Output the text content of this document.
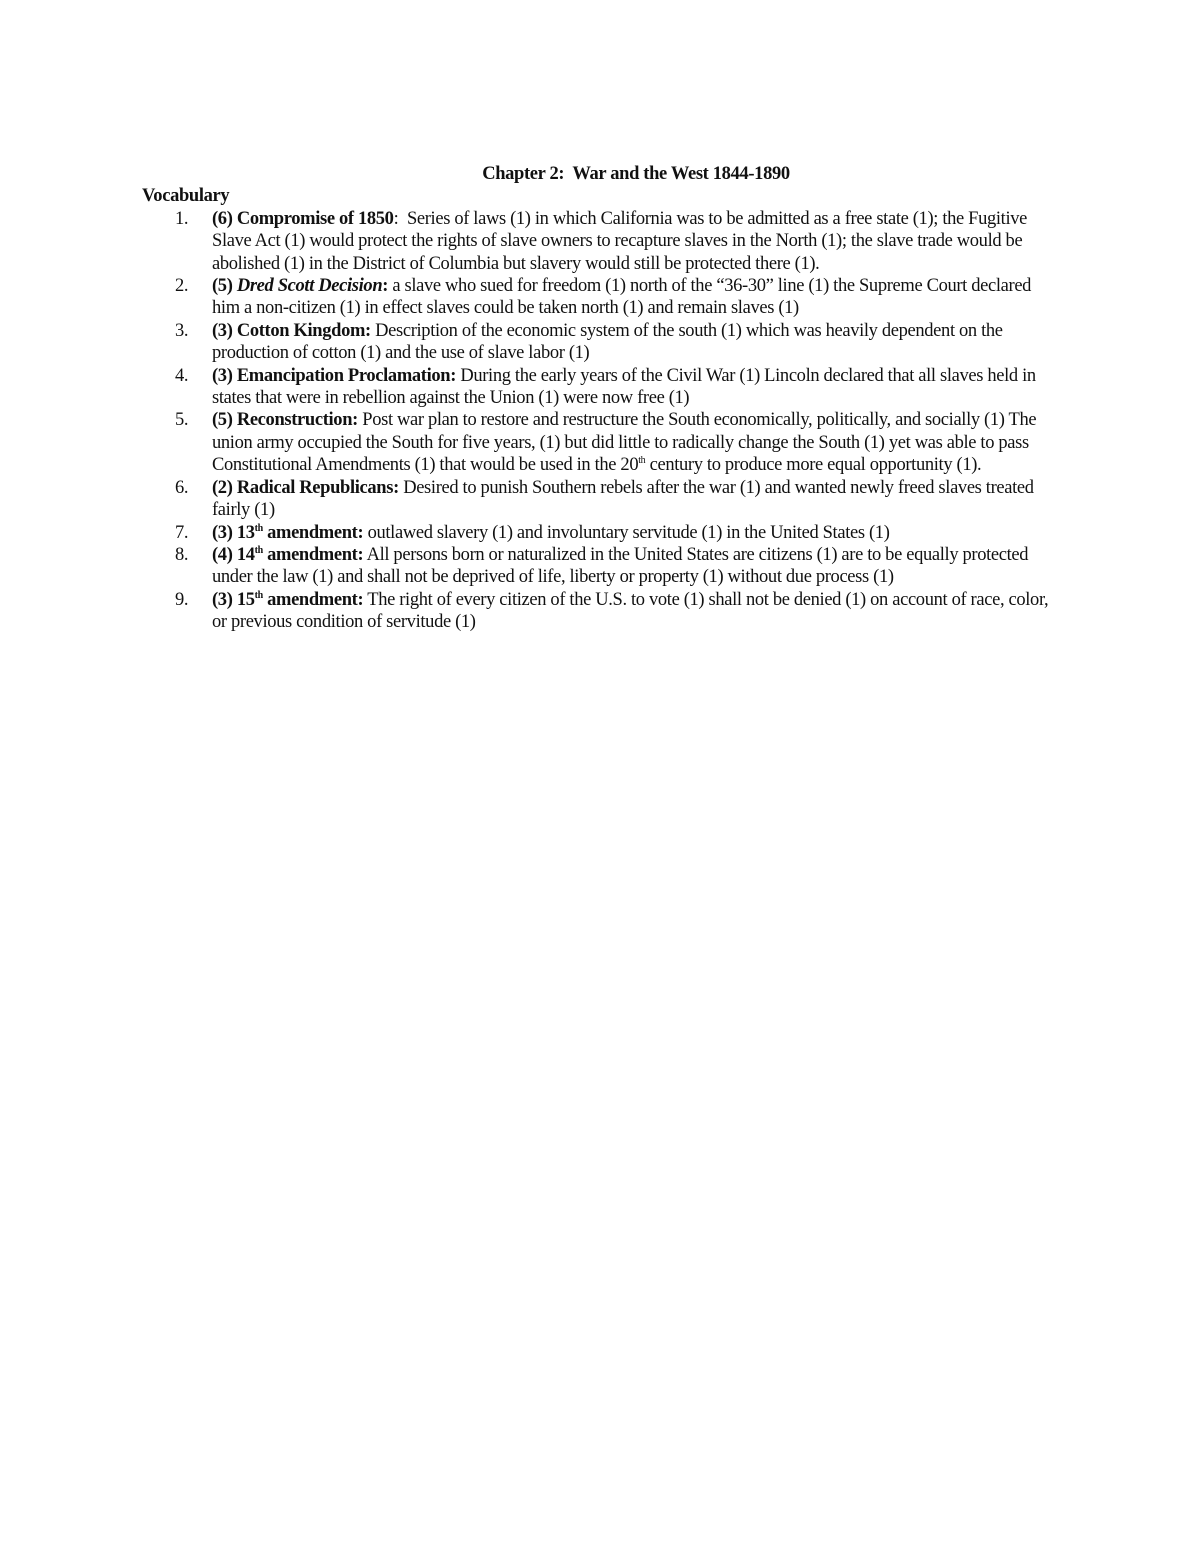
Chapter 2: War and the West 1844-1890

Vocabulary

1.	(6) Compromise of 1850: Series of laws (1) in which California was to be admitted as a free state (1); the Fugitive Slave Act (1) would protect the rights of slave owners to recapture slaves in the North (1); the slave trade would be abolished (1) in the District of Columbia but slavery would still be protected there (1).
2.	(5) Dred Scott Decision: a slave who sued for freedom (1) north of the “36-30” line (1) the Supreme Court declared him a non-citizen (1) in effect slaves could be taken north (1) and remain slaves (1)
3.	(3) Cotton Kingdom: Description of the economic system of the south (1) which was heavily dependent on the production of cotton (1) and the use of slave labor (1)
4.	(3) Emancipation Proclamation: During the early years of the Civil War (1) Lincoln declared that all slaves held in states that were in rebellion against the Union (1) were now free (1)
5.	(5) Reconstruction: Post war plan to restore and restructure the South economically, politically, and socially (1) The union army occupied the South for five years, (1) but did little to radically change the South (1) yet was able to pass Constitutional Amendments (1) that would be used in the 20th century to produce more equal opportunity (1).
6.	(2) Radical Republicans: Desired to punish Southern rebels after the war (1) and wanted newly freed slaves treated fairly (1)
7.	(3) 13th amendment: outlawed slavery (1) and involuntary servitude (1) in the United States (1)
8.	(4) 14th amendment: All persons born or naturalized in the United States are citizens (1) are to be equally protected under the law (1) and shall not be deprived of life, liberty or property (1) without due process (1)
9.	(3) 15th amendment: The right of every citizen of the U.S. to vote (1) shall not be denied (1) on account of race, color, or previous condition of servitude (1)
